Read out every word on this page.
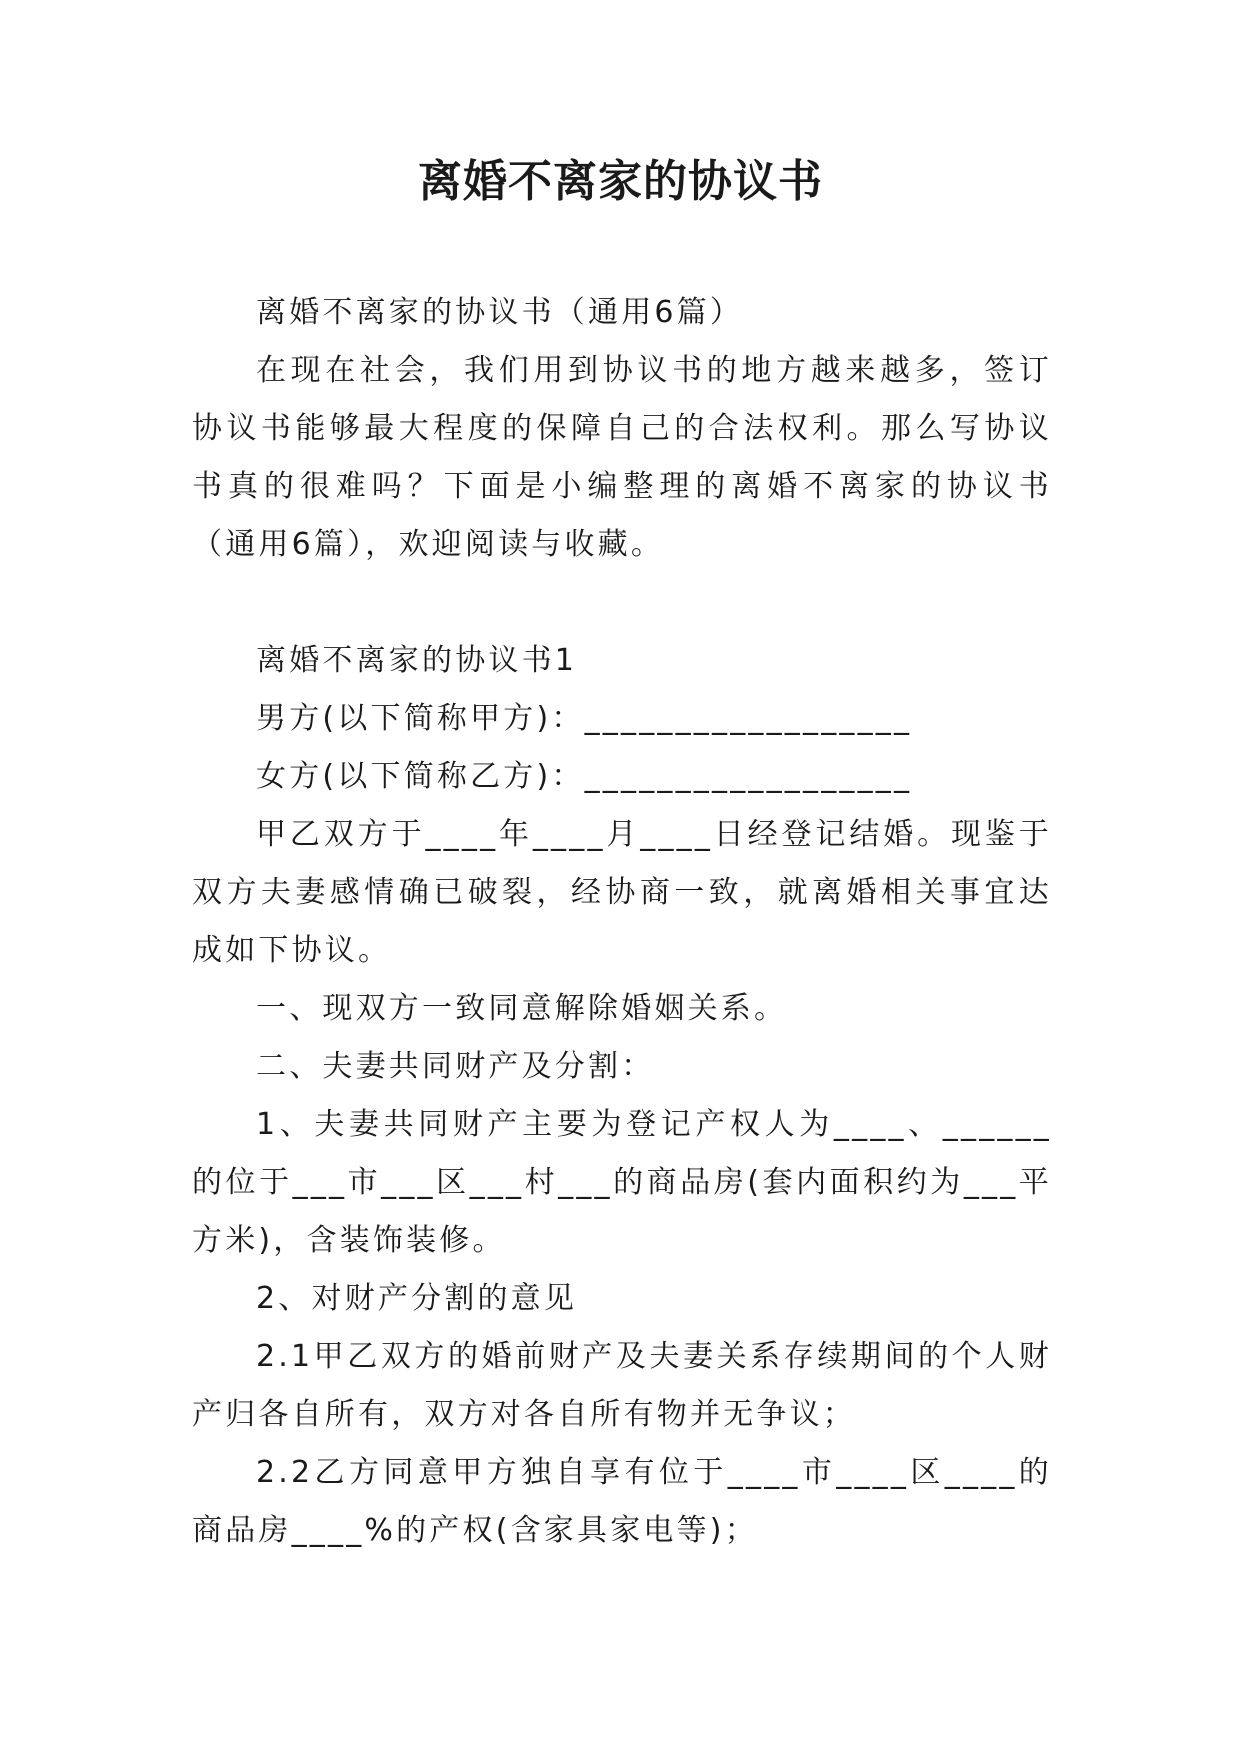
离婚不离家的协议书

离婚不离家的协议书（通用6篇）

在现在社会，我们用到协议书的地方越来越多，签订协议书能够最大程度的保障自己的合法权利。那么写协议书真的很难吗？下面是小编整理的离婚不离家的协议书（通用6篇），欢迎阅读与收藏。

离婚不离家的协议书1

男方(以下简称甲方)：__________________

女方(以下简称乙方)：__________________

甲乙双方于____年____月____日经登记结婚。现鉴于双方夫妻感情确已破裂，经协商一致，就离婚相关事宜达成如下协议。

一、现双方一致同意解除婚姻关系。

二、夫妻共同财产及分割：

1、夫妻共同财产主要为登记产权人为____、______的位于___市___区___村___的商品房(套内面积约为___平方米)，含装饰装修。

2、对财产分割的意见

2.1甲乙双方的婚前财产及夫妻关系存续期间的个人财产归各自所有，双方对各自所有物并无争议；

2.2乙方同意甲方独自享有位于____市____区____的商品房____%的产权(含家具家电等)；
